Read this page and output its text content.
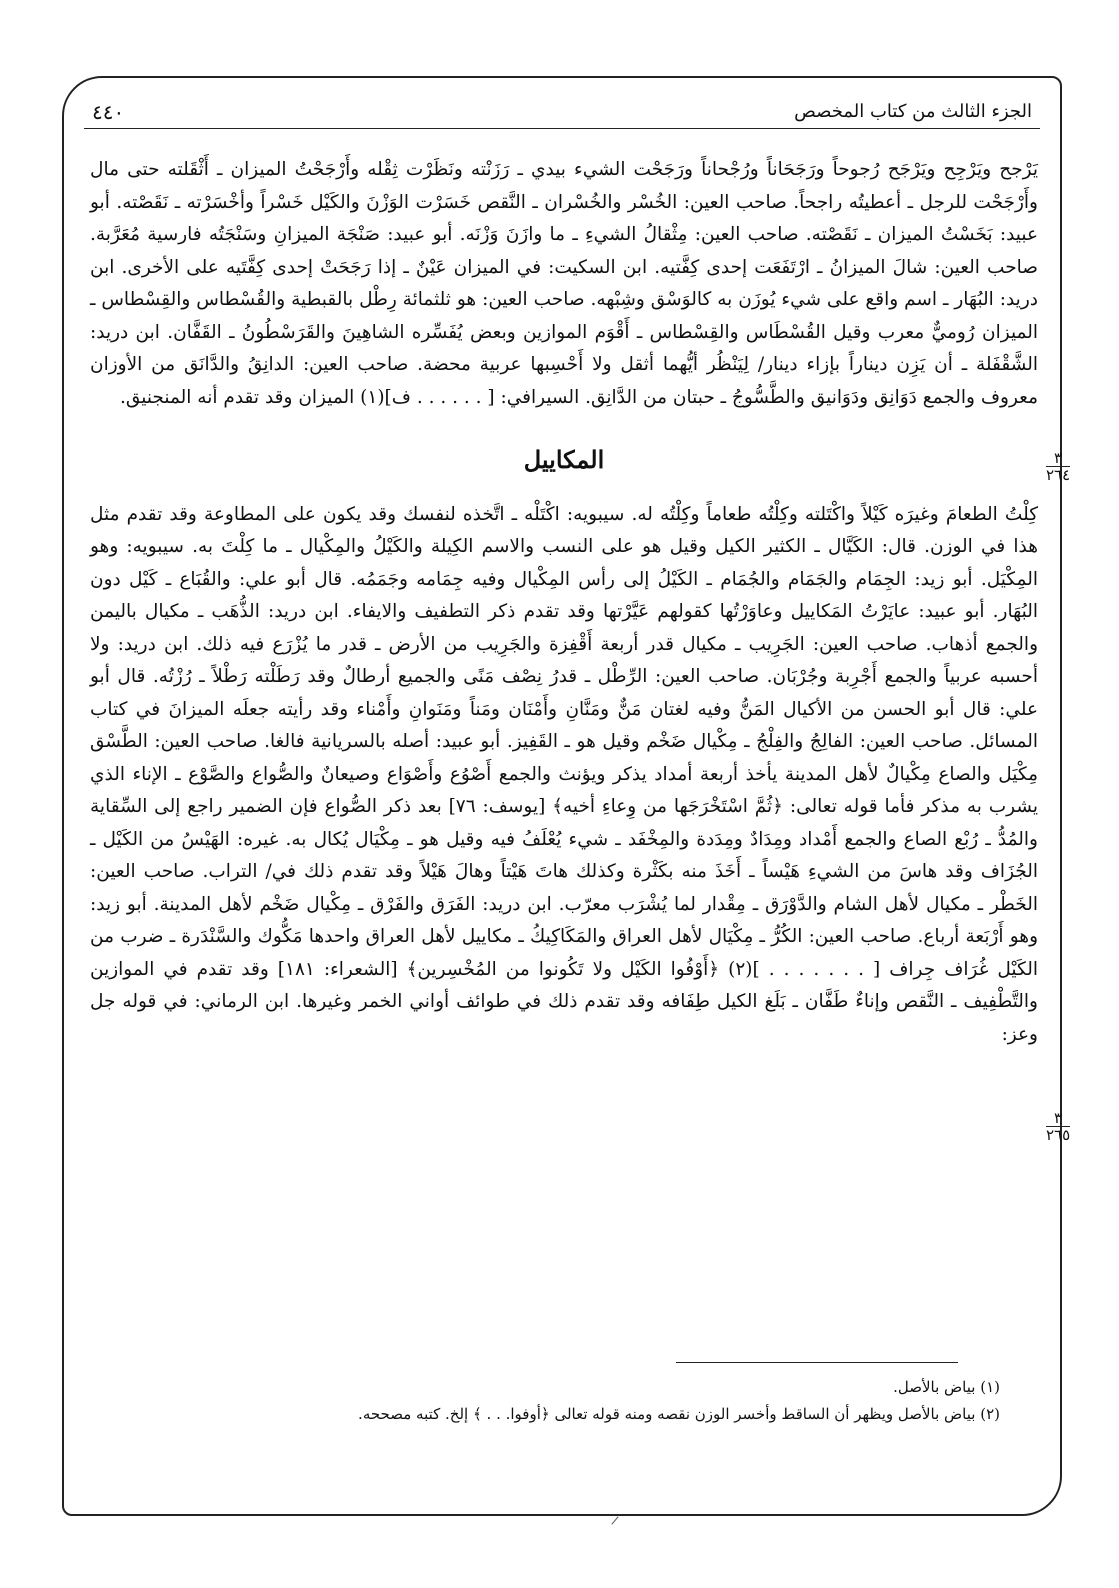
٤٤٠	الجزء الثالث من كتاب المخصص

يَرْجح ويَرْجِح ويَرْجَح رُجوحاً ورَجَحَاناً ورُجْحاناً ورَجَحْت الشيء بيدي ـ رَزَنْته ونَظَرْت ثِقْله وأَرْجَحْتُ الميزان ـ أَثْقَلته حتى مال وأَرْجَحْت للرجل ـ أعطيتُه راجحاً. صاحب العين: الخُسْر والخُسْران ـ النَّقص خَسَرْت الوَزْنَ والكَيْل خَسْراً وأخْسَرْته ـ نَقَصْته. أبو عبيد: بَخَسْتُ الميزان ـ نَقَصْته. صاحب العين: مِثْقالُ الشيءِ ـ ما وازَنَ وَزْنَه. أبو عبيد: صَنْجَة الميزانِ وسَنْجَتُه فارسية مُعَرَّبة. صاحب العين: شالَ الميزانُ ـ ارْتَفَعَت إحدى كِفَّتيه. ابن السكيت: في الميزان عَيْنٌ ـ إذا رَجَحَتْ إحدى كِفَّتَيه على الأخرى. ابن دريد: البُهَار ـ اسم واقع على شيء يُوزَن به كالوَسْق وشِبْهه. صاحب العين: هو ثلثمائة رِطْل بالقبطية والقُسْطاس والقِسْطاس ـ الميزان رُوميٌّ معرب وقيل القُسْطَاس والقِسْطاس ـ أَقْوَم الموازين وبعض يُفَسِّره الشاهِينَ والقَرَسْطُونُ ـ القَفَّان. ابن دريد: الشَّقْفَلة ـ أن يَزِن ديناراً بإزاء دينار/ لِيَنْظُر أيُّهما أثقل ولا أَحْسِبها عربية محضة. صاحب العين: الدانِقُ والدَّانَق من الأوزان معروف والجمع دَوَانِق ودَوَانيق والطَّسُّوجُ ـ حبتان من الدَّانِق. السيرافي: [ . . . . . . ف](١) الميزان وقد تقدم أنه المنجنيق.

المكاييل

كِلْتُ الطعامَ وغيرَه كَيْلاً واكْتَلته وكِلْتُه طعاماً وكِلْتُه له. سيبويه: اكْتَلْه ـ اتَّخذه لنفسك وقد يكون على المطاوعة وقد تقدم مثل هذا في الوزن. قال: الكَيَّال ـ الكثير الكيل وقيل هو على النسب والاسم الكِيلة والكَيْلُ والمِكْيال ـ ما كِلْتَ به. سيبويه: وهو المِكْيَل. أبو زيد: الجِمَام والجَمَام والجُمَام ـ الكَيْلُ إلى رأس المِكْيال وفيه جِمَامه وجَمَمُه. قال أبو علي: والقُبَاع ـ كَيْل دون البُهَار. أبو عبيد: عايَرْتُ المَكاييل وعاوَرْتُها كقولهم عَيَّرْتها وقد تقدم ذكر التطفيف والايفاء. ابن دريد: الذُّهَب ـ مكيال باليمن والجمع أذهاب. صاحب العين: الجَرِيب ـ مكيال قدر أربعة أَقْفِزة والجَرِيب من الأرض ـ قدر ما يُزْرَع فيه ذلك. ابن دريد: ولا أحسبه عربياً والجمع أَجْرِبة وجُرْبَان. صاحب العين: الرِّطْل ـ قدرُ نِصْف مَنًى والجميع أرطالٌ وقد رَطَلْته رَطْلاً ـ رُزْتُه. قال أبو علي: قال أبو الحسن من الأكيال المَنُّ وفيه لغتان مَنٌّ ومَنَّانِ وأَمْنَان ومَناً ومَنَوانِ وأَمْناء وقد رأيته جعلَه الميزانَ في كتاب المسائل. صاحب العين: الفالِجُ والفِلْجُ ـ مِكْيال ضَخْم وقيل هو ـ القَفِيز. أبو عبيد: أصله بالسريانية فالغا. صاحب العين: الطَّسْق مِكْيَل والصاع مِكْيالٌ لأهل المدينة يأخذ أربعة أمداد يذكر ويؤنث والجمع أَصْوُع وأَصْوَاع وصيعانٌ والصُّواع والصَّوْع ـ الإناء الذي يشرب به مذكر فأما قوله تعالى: ﴿ثُمَّ اسْتَخْرَجَها من وِعاءِ أخيه﴾ [يوسف: ٧٦] بعد ذكر الصُّواع فإن الضمير راجع إلى السِّقاية والمُدُّ ـ رُبْع الصاع والجمع أَمْداد ومِدَادٌ ومِدَدة والمِخْفَد ـ شيء يُعْلَفُ فيه وقيل هو ـ مِكْيَال يُكال به. غيره: الهَيْسُ من الكَيْل ـ الجُزَاف وقد هاسَ من الشيءِ هَيْساً ـ أَخَذَ منه بكَثْرة وكذلك هاتَ هَيْتاً وهالَ هَيْلاً وقد تقدم ذلك في/ التراب. صاحب العين: الخَطْر ـ مكيال لأهل الشام والدَّوْرَق ـ مِقْدار لما يُشْرَب معرّب. ابن دريد: الفَرَق والفَرْق ـ مِكْيال ضَخْم لأهل المدينة. أبو زيد: وهو أَرْبَعة أرباع. صاحب العين: الكُرُّ ـ مِكْيَال لأهل العراق والمَكَاكِيكُ ـ مكاييل لأهل العراق واحدها مَكُّوك والسَّنْدَرة ـ ضرب من الكَيْل غُرَاف جِراف [ . . . . . . . ](٢) ﴿أَوْفُوا الكَيْل ولا تَكُونوا من المُخْسِرين﴾ [الشعراء: ١٨١] وقد تقدم في الموازين والتَّطْفِيف ـ النَّقص وإناءٌ طَفَّان ـ بَلَغ الكيل طِفَافه وقد تقدم ذلك في طوائف أواني الخمر وغيرها. ابن الرماني: في قوله جل وعز:

٣
٢٦٤
٣
٢٦٥

(١) بياض بالأصل.

(٢) بياض بالأصل ويظهر أن الساقط وأخسر الوزن نقصه ومنه قوله تعالى ﴿أوفوا. . . ﴾ إلخ. كتبه مصححه.
